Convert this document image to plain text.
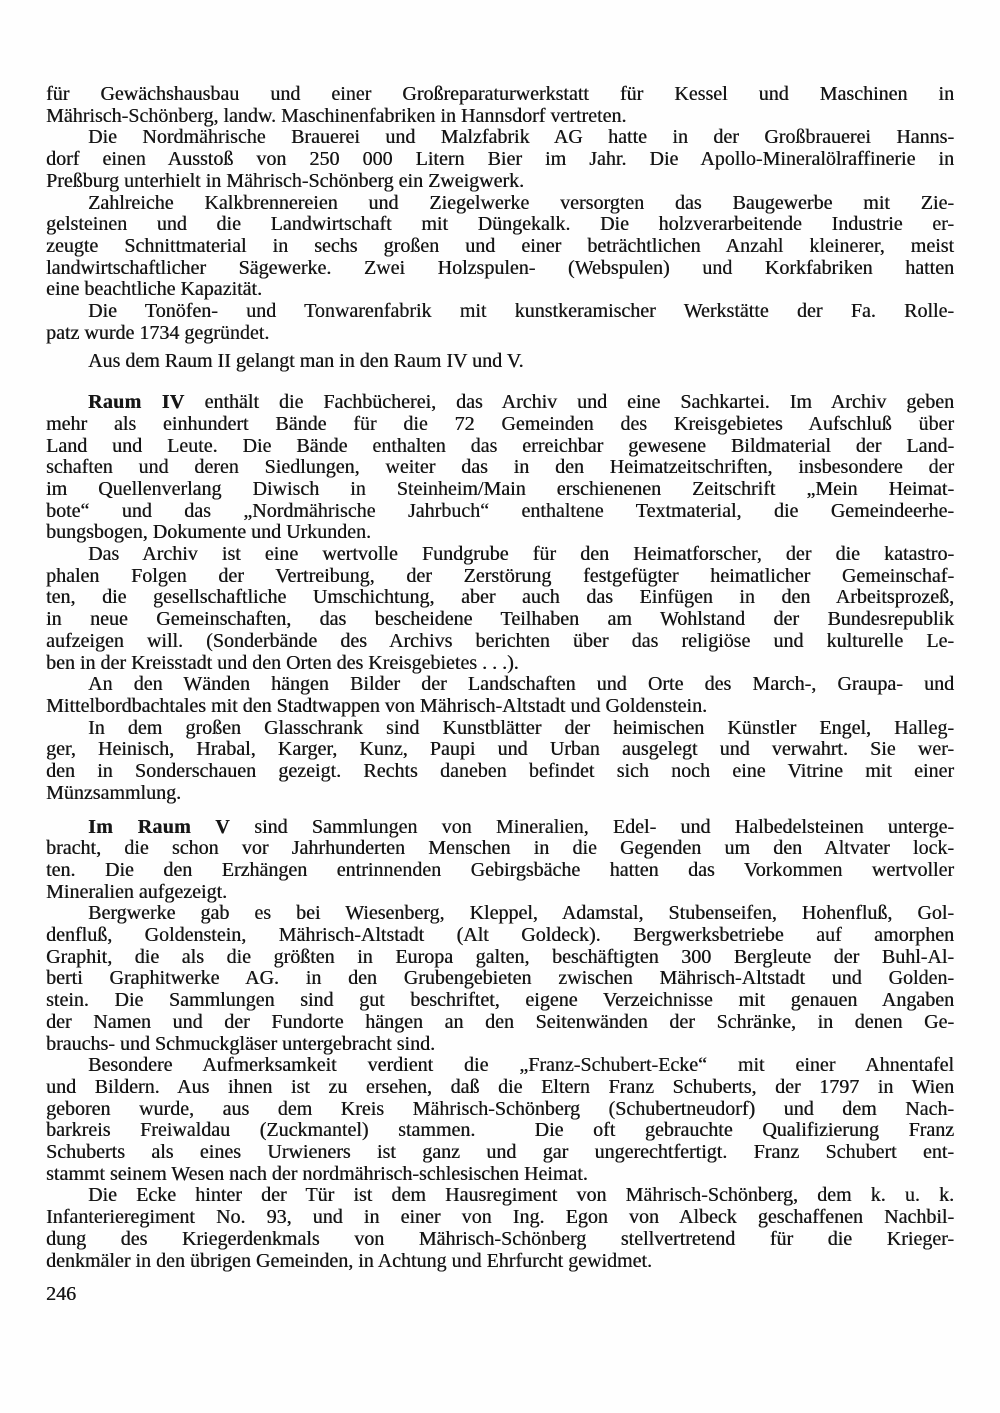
für Gewächshausbau und einer Großreparaturwerkstatt für Kessel und Maschinen in
Mährisch-Schönberg, landw. Maschinenfabriken in Hannsdorf vertreten.
Die Nordmährische Brauerei und Malzfabrik AG hatte in der Großbrauerei Hanns-
dorf einen Ausstoß von 250 000 Litern Bier im Jahr. Die Apollo-Mineralölraffinerie in
Preßburg unterhielt in Mährisch-Schönberg ein Zweigwerk.
Zahlreiche Kalkbrennereien und Ziegelwerke versorgten das Baugewerbe mit Zie-
gelsteinen und die Landwirtschaft mit Düngekalk. Die holzverarbeitende Industrie er-
zeugte Schnittmaterial in sechs großen und einer beträchtlichen Anzahl kleinerer, meist
landwirtschaftlicher Sägewerke. Zwei Holzspulen- (Webspulen) und Korkfabriken hatten
eine beachtliche Kapazität.
Die Tonöfen- und Tonwarenfabrik mit kunstkeramischer Werkstätte der Fa. Rolle-
patz wurde 1734 gegründet.
Aus dem Raum II gelangt man in den Raum IV und V.
Raum IV enthält die Fachbücherei, das Archiv und eine Sachkartei. Im Archiv geben
mehr als einhundert Bände für die 72 Gemeinden des Kreisgebietes Aufschluß über
Land und Leute. Die Bände enthalten das erreichbar gewesene Bildmaterial der Land-
schaften und deren Siedlungen, weiter das in den Heimatzeitschriften, insbesondere der
im Quellenverlang Diwisch in Steinheim/Main erschienenen Zeitschrift „Mein Heimat-
bote“ und das „Nordmährische Jahrbuch“ enthaltene Textmaterial, die Gemeindeerhe-
bungsbogen, Dokumente und Urkunden.
Das Archiv ist eine wertvolle Fundgrube für den Heimatforscher, der die katastro-
phalen Folgen der Vertreibung, der Zerstörung festgefügter heimatlicher Gemeinschaf-
ten, die gesellschaftliche Umschichtung, aber auch das Einfügen in den Arbeitsprozeß,
in neue Gemeinschaften, das bescheidene Teilhaben am Wohlstand der Bundesrepublik
aufzeigen will. (Sonderbände des Archivs berichten über das religiöse und kulturelle Le-
ben in der Kreisstadt und den Orten des Kreisgebietes . . .).
An den Wänden hängen Bilder der Landschaften und Orte des March-, Graupa- und
Mittelbordbachtales mit den Stadtwappen von Mährisch-Altstadt und Goldenstein.
In dem großen Glasschrank sind Kunstblätter der heimischen Künstler Engel, Halleg-
ger, Heinisch, Hrabal, Karger, Kunz, Paupi und Urban ausgelegt und verwahrt. Sie wer-
den in Sonderschauen gezeigt. Rechts daneben befindet sich noch eine Vitrine mit einer
Münzsammlung.
Im Raum V sind Sammlungen von Mineralien, Edel- und Halbedelsteinen unterge-
bracht, die schon vor Jahrhunderten Menschen in die Gegenden um den Altvater lock-
ten. Die den Erzhängen entrinnenden Gebirgsbäche hatten das Vorkommen wertvoller
Mineralien aufgezeigt.
Bergwerke gab es bei Wiesenberg, Kleppel, Adamstal, Stubenseifen, Hohenfluß, Gol-
denfluß, Goldenstein, Mährisch-Altstadt (Alt Goldeck). Bergwerksbetriebe auf amorphen
Graphit, die als die größten in Europa galten, beschäftigten 300 Bergleute der Buhl-Al-
berti Graphitwerke AG. in den Grubengebieten zwischen Mährisch-Altstadt und Golden-
stein. Die Sammlungen sind gut beschriftet, eigene Verzeichnisse mit genauen Angaben
der Namen und der Fundorte hängen an den Seitenwänden der Schränke, in denen Ge-
brauchs- und Schmuckgläser untergebracht sind.
Besondere Aufmerksamkeit verdient die „Franz-Schubert-Ecke“ mit einer Ahnentafel
und Bildern. Aus ihnen ist zu ersehen, daß die Eltern Franz Schuberts, der 1797 in Wien
geboren wurde, aus dem Kreis Mährisch-Schönberg (Schubertneudorf) und dem Nach-
barkreis Freiwaldau (Zuckmantel) stammen.  Die oft gebrauchte Qualifizierung Franz
Schuberts als eines Urwieners ist ganz und gar ungerechtfertigt. Franz Schubert ent-
stammt seinem Wesen nach der nordmährisch-schlesischen Heimat.
Die Ecke hinter der Tür ist dem Hausregiment von Mährisch-Schönberg, dem k. u. k.
Infanterieregiment No. 93, und in einer von Ing. Egon von Albeck geschaffenen Nachbil-
dung des Kriegerdenkmals von Mährisch-Schönberg stellvertretend für die Krieger-
denkmäler in den übrigen Gemeinden, in Achtung und Ehrfurcht gewidmet.
246
